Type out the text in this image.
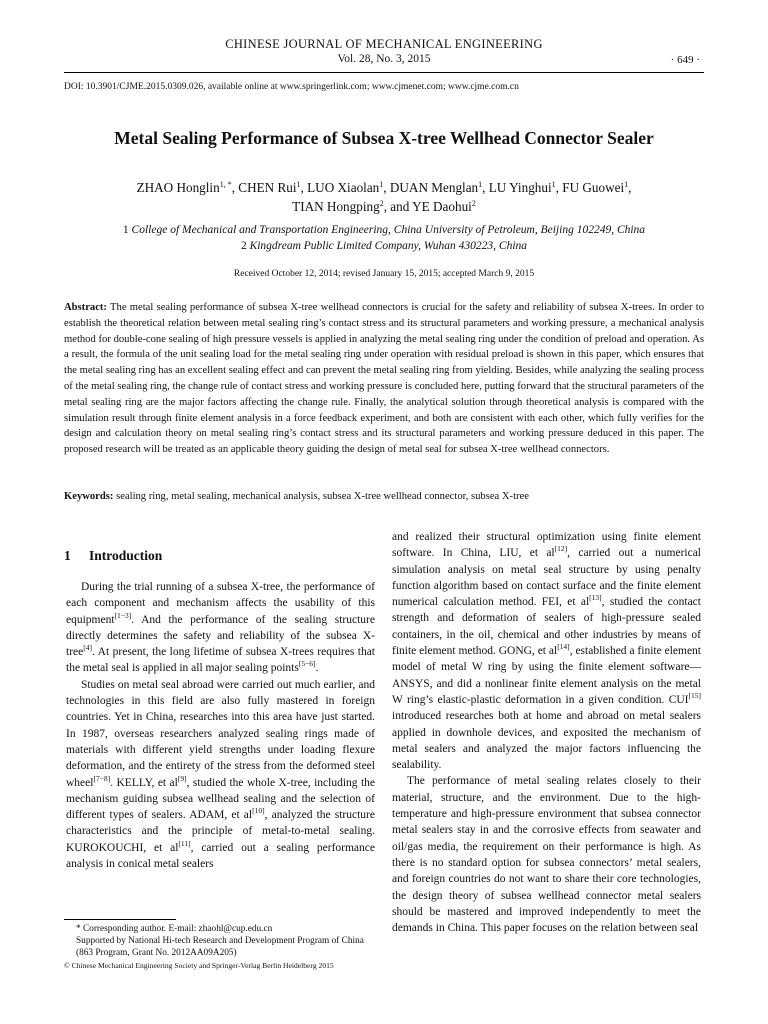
CHINESE JOURNAL OF MECHANICAL ENGINEERING
Vol. 28, No. 3, 2015	· 649 ·
DOI: 10.3901/CJME.2015.0309.026, available online at www.springerlink.com; www.cjmenet.com; www.cjme.com.cn
Metal Sealing Performance of Subsea X-tree Wellhead Connector Sealer
ZHAO Honglin$^{1, *}$, CHEN Rui$^1$, LUO Xiaolan$^1$, DUAN Menglan$^1$, LU Yinghui$^1$, FU Guowei$^1$,
TIAN Hongping$^2$, and YE Daohui$^2$
1 College of Mechanical and Transportation Engineering, China University of Petroleum, Beijing 102249, China
2 Kingdream Public Limited Company, Wuhan 430223, China
Received October 12, 2014; revised January 15, 2015; accepted March 9, 2015
Abstract: The metal sealing performance of subsea X-tree wellhead connectors is crucial for the safety and reliability of subsea X-trees. In order to establish the theoretical relation between metal sealing ring’s contact stress and its structural parameters and working pressure, a mechanical analysis method for double-cone sealing of high pressure vessels is applied in analyzing the metal sealing ring under the condition of preload and operation. As a result, the formula of the unit sealing load for the metal sealing ring under operation with residual preload is shown in this paper, which ensures that the metal sealing ring has an excellent sealing effect and can prevent the metal sealing ring from yielding. Besides, while analyzing the sealing process of the metal sealing ring, the change rule of contact stress and working pressure is concluded here, putting forward that the structural parameters of the metal sealing ring are the major factors affecting the change rule. Finally, the analytical solution through theoretical analysis is compared with the simulation result through finite element analysis in a force feedback experiment, and both are consistent with each other, which fully verifies for the design and calculation theory on metal sealing ring’s contact stress and its structural parameters and working pressure deduced in this paper. The proposed research will be treated as an applicable theory guiding the design of metal seal for subsea X-tree wellhead connectors.
Keywords: sealing ring, metal sealing, mechanical analysis, subsea X-tree wellhead connector, subsea X-tree
1 Introduction

During the trial running of a subsea X-tree, the performance of each component and mechanism affects the usability of this equipment[1−3]. And the performance of the sealing structure directly determines the safety and reliability of the subsea X-tree[4]. At present, the long lifetime of subsea X-trees requires that the metal seal is applied in all major sealing points[5−6].

Studies on metal seal abroad were carried out much earlier, and technologies in this field are also fully mastered in foreign countries. Yet in China, researches into this area have just started. In 1987, overseas researchers analyzed sealing rings made of materials with different yield strengths under loading flexure deformation, and the entirety of the stress from the deformed steel wheel[7−8]. KELLY, et al[9], studied the whole X-tree, including the mechanism guiding subsea wellhead sealing and the selection of different types of sealers. ADAM, et al[10], analyzed the structure characteristics and the principle of metal-to-metal sealing. KUROKOUCHI, et al[11], carried out a sealing performance analysis in conical metal sealers

and realized their structural optimization using finite element software. In China, LIU, et al[12], carried out a numerical simulation analysis on metal seal structure by using penalty function algorithm based on contact surface and the finite element numerical calculation method. FEI, et al[13], studied the contact strength and deformation of sealers of high-pressure sealed containers, in the oil, chemical and other industries by means of finite element method. GONG, et al[14], established a finite element model of metal W ring by using the finite element software—ANSYS, and did a nonlinear finite element analysis on the metal W ring’s elastic-plastic deformation in a given condition. CUI[15] introduced researches both at home and abroad on metal sealers applied in downhole devices, and exposited the mechanism of metal sealers and analyzed the major factors influencing the sealability.

The performance of metal sealing relates closely to their material, structure, and the environment. Due to the high-temperature and high-pressure environment that subsea connector metal sealers stay in and the corrosive effects from seawater and oil/gas media, the requirement on their performance is high. As there is no standard option for subsea connectors’ metal sealers, and foreign countries do not want to share their core technologies, the design theory of subsea wellhead connector metal sealers should be mastered and improved independently to meet the demands in China. This paper focuses on the relation between seal

* Corresponding author. E-mail: zhaohl@cup.edu.cn
Supported by National Hi-tech Research and Development Program of China (863 Program, Grant No. 2012AA09A205)
© Chinese Mechanical Engineering Society and Springer-Verlag Berlin Heidelberg 2015
